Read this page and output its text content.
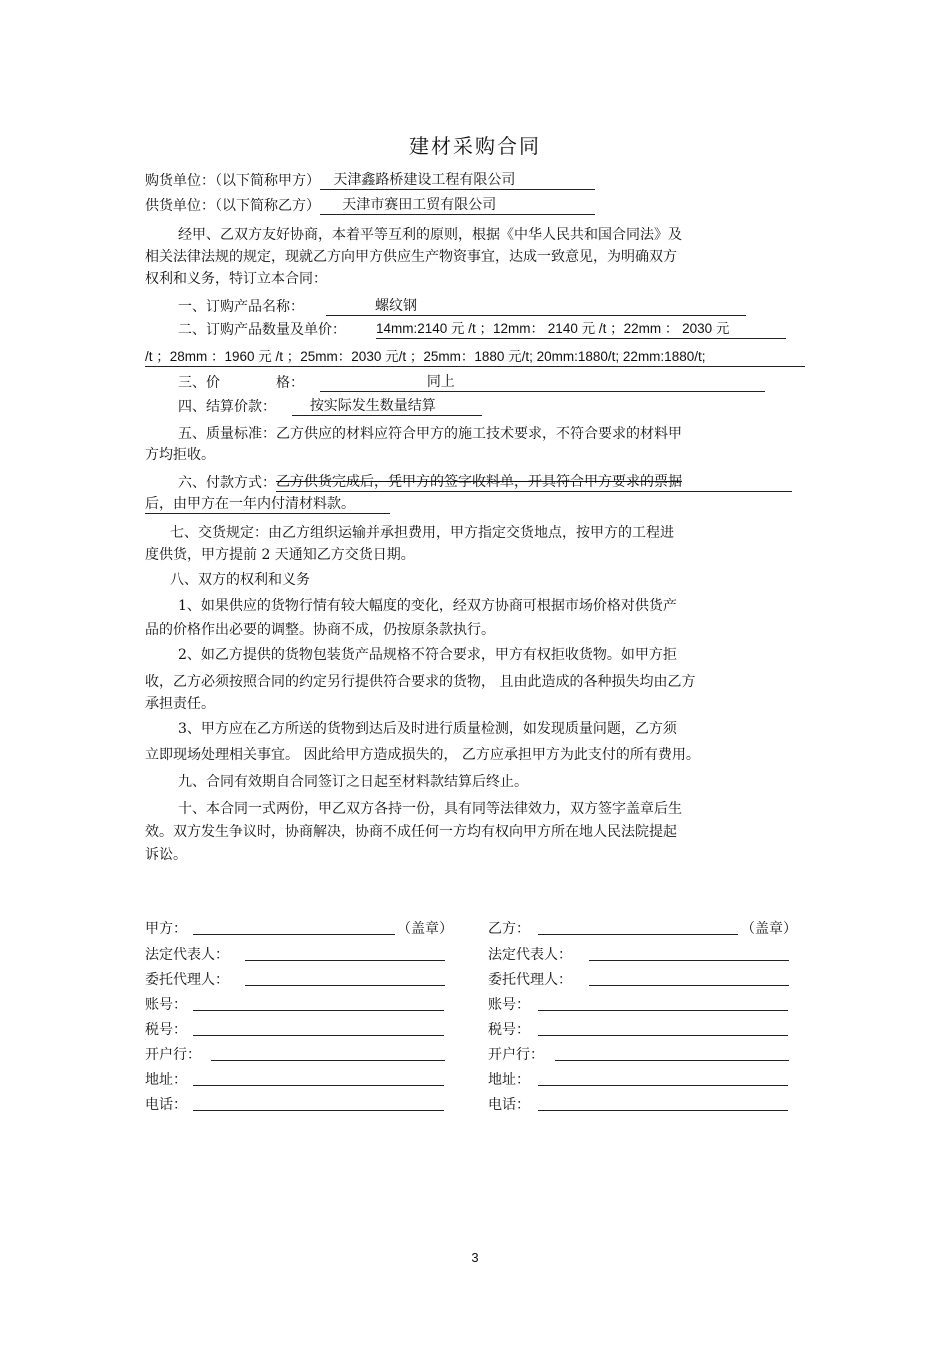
建材采购合同
购货单位：（以下简称甲方） 天津鑫路桥建设工程有限公司
供货单位：（以下简称乙方） 天津市赛田工贸有限公司
经甲、乙双方友好协商，本着平等互利的原则，根据《中华人民共和国合同法》及
相关法律法规的规定，现就乙方向甲方供应生产物资事宜，达成一致意见，为明确双方
权利和义务，特订立本合同：
一、订购产品名称：	螺纹钢
二、订购产品数量及单价： 14mm:2140 元 /t ；12mm： 2140 元 /t ；22mm ： 2030 元
/t ；28mm ：1960 元 /t ；25mm：2030 元/t ；25mm：1880 元/t; 20mm:1880/t; 22mm:1880/t;
三、价　　　　格：	同上
四、结算价款： 按实际发生数量结算
五、质量标准：乙方供应的材料应符合甲方的施工技术要求，不符合要求的材料甲
方均拒收。
六、付款方式：乙方供货完成后，凭甲方的签字收料单，开具符合甲方要求的票据
后，由甲方在一年内付清材料款。
七、交货规定：由乙方组织运输并承担费用，甲方指定交货地点，按甲方的工程进
度供货，甲方提前 2 天通知乙方交货日期。
八、双方的权利和义务
1、如果供应的货物行情有较大幅度的变化，经双方协商可根据市场价格对供货产
品的价格作出必要的调整。协商不成，仍按原条款执行。
2、如乙方提供的货物包装货产品规格不符合要求，甲方有权拒收货物。如甲方拒
收，乙方必须按照合同的约定另行提供符合要求的货物， 且由此造成的各种损失均由乙方
承担责任。
3、甲方应在乙方所送的货物到达后及时进行质量检测，如发现质量问题，乙方须
立即现场处理相关事宜。 因此给甲方造成损失的， 乙方应承担甲方为此支付的所有费用。
九、合同有效期自合同签订之日起至材料款结算后终止。
十、本合同一式两份，甲乙双方各持一份，具有同等法律效力，双方签字盖章后生
效。双方发生争议时，协商解决，协商不成任何一方均有权向甲方所在地人民法院提起
诉讼。
甲方：	（盖章）
法定代表人：
委托代理人：
账号：
税号：
开户行：
地址：
电话：
乙方：	（盖章）
法定代表人：
委托代理人：
账号：
税号：
开户行：
地址：
电话：
3
